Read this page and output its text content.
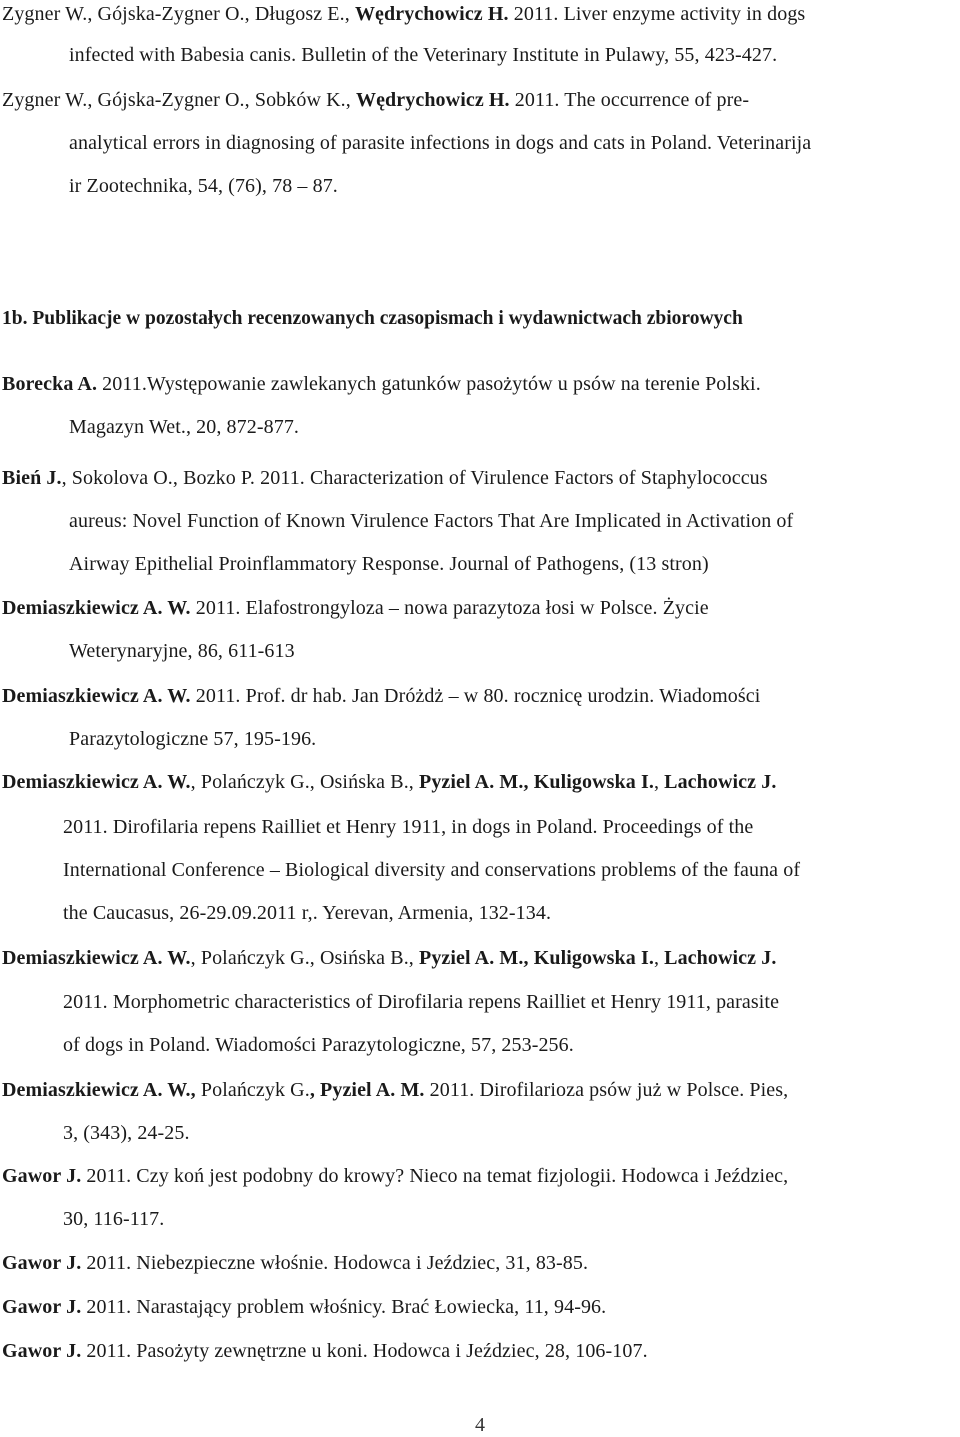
Zygner W., Gójska-Zygner O., Długosz E., Wędrychowicz H. 2011. Liver enzyme activity in dogs
infected with Babesia canis. Bulletin of the Veterinary Institute in Pulawy, 55, 423-427.
Zygner W., Gójska-Zygner O., Sobków K., Wędrychowicz H. 2011. The occurrence of pre-
analytical errors in diagnosing of parasite infections in dogs and cats in Poland. Veterinarija
ir Zootechnika, 54, (76), 78 – 87.
1b. Publikacje w pozostałych recenzowanych czasopismach i wydawnictwach zbiorowych
Borecka A. 2011.Występowanie zawlekanych gatunków pasożytów u psów na terenie Polski.
Magazyn Wet., 20, 872-877.
Bień J., Sokolova O., Bozko P. 2011. Characterization of Virulence Factors of Staphylococcus
aureus: Novel Function of Known Virulence Factors That Are Implicated in Activation of
Airway Epithelial Proinflammatory Response. Journal of Pathogens, (13 stron)
Demiaszkiewicz A. W. 2011. Elafostrongyloza – nowa parazytoza łosi w Polsce. Życie
Weterynaryjne, 86, 611-613
Demiaszkiewicz A. W. 2011. Prof. dr hab. Jan Dróżdż – w 80. rocznicę urodzin. Wiadomości
Parazytologiczne 57, 195-196.
Demiaszkiewicz A. W., Polańczyk G., Osińska B., Pyziel A. M., Kuligowska I., Lachowicz J.
2011. Dirofilaria repens Railliet et Henry 1911, in dogs in Poland. Proceedings of the
International Conference – Biological diversity and conservations problems of the fauna of
the Caucasus, 26-29.09.2011 r,. Yerevan, Armenia, 132-134.
Demiaszkiewicz A. W., Polańczyk G., Osińska B., Pyziel A. M., Kuligowska I., Lachowicz J.
2011. Morphometric characteristics of Dirofilaria repens Railliet et Henry 1911, parasite
of dogs in Poland. Wiadomości Parazytologiczne, 57, 253-256.
Demiaszkiewicz A. W., Polańczyk G., Pyziel A. M. 2011. Dirofilarioza psów już w Polsce. Pies,
3, (343), 24-25.
Gawor J. 2011. Czy koń jest podobny do krowy? Nieco na temat fizjologii. Hodowca i Jeździec,
30, 116-117.
Gawor J. 2011. Niebezpieczne włośnie. Hodowca i Jeździec, 31, 83-85.
Gawor J. 2011. Narastający problem włośnicy. Brać Łowiecka, 11, 94-96.
Gawor J. 2011. Pasożyty zewnętrzne u koni. Hodowca i Jeździec, 28, 106-107.
4
